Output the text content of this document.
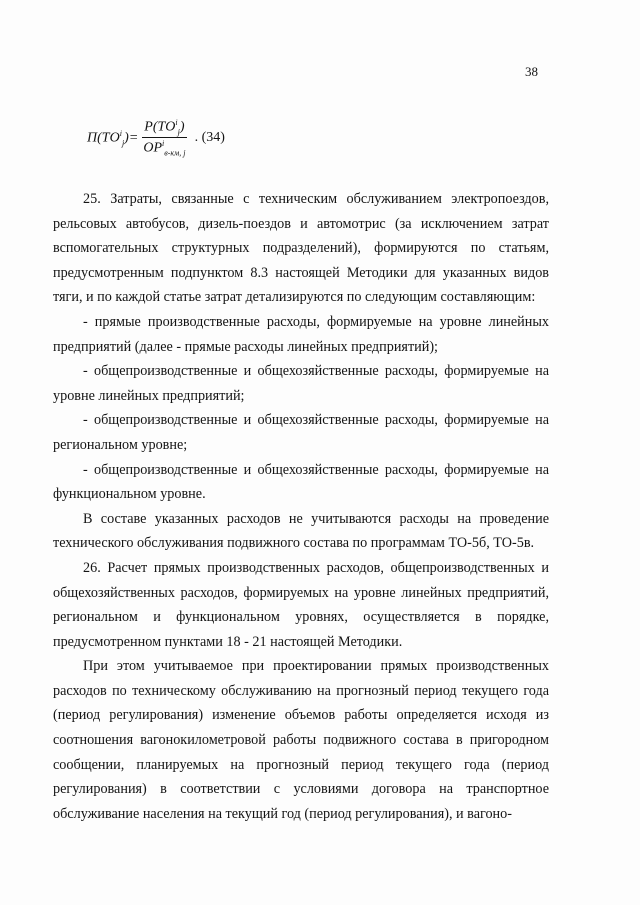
38
$П(ТО^i_j)= \frac{Р(ТО^i_j)}{ОР^i_{в-км, j}}$ . (34)

25. Затраты, связанные с техническим обслуживанием электропоездов, рельсовых автобусов, дизель-поездов и автомотрис (за исключением затрат вспомогательных структурных подразделений), формируются по статьям, предусмотренным подпунктом 8.3 настоящей Методики для указанных видов тяги, и по каждой статье затрат детализируются по следующим составляющим:

- прямые производственные расходы, формируемые на уровне линейных предприятий (далее - прямые расходы линейных предприятий);

- общепроизводственные и общехозяйственные расходы, формируемые на уровне линейных предприятий;

- общепроизводственные и общехозяйственные расходы, формируемые на региональном уровне;

- общепроизводственные и общехозяйственные расходы, формируемые на функциональном уровне.

В составе указанных расходов не учитываются расходы на проведение технического обслуживания подвижного состава по программам ТО-5б, ТО-5в.

26. Расчет прямых производственных расходов, общепроизводственных и общехозяйственных расходов, формируемых на уровне линейных предприятий, региональном и функциональном уровнях, осуществляется в порядке, предусмотренном пунктами 18 - 21 настоящей Методики.

При этом учитываемое при проектировании прямых производственных расходов по техническому обслуживанию на прогнозный период текущего года (период регулирования) изменение объемов работы определяется исходя из соотношения вагонокилометровой работы подвижного состава в пригородном сообщении, планируемых на прогнозный период текущего года (период регулирования) в соответствии с условиями договора на транспортное обслуживание населения на текущий год (период регулирования), и вагоно-
